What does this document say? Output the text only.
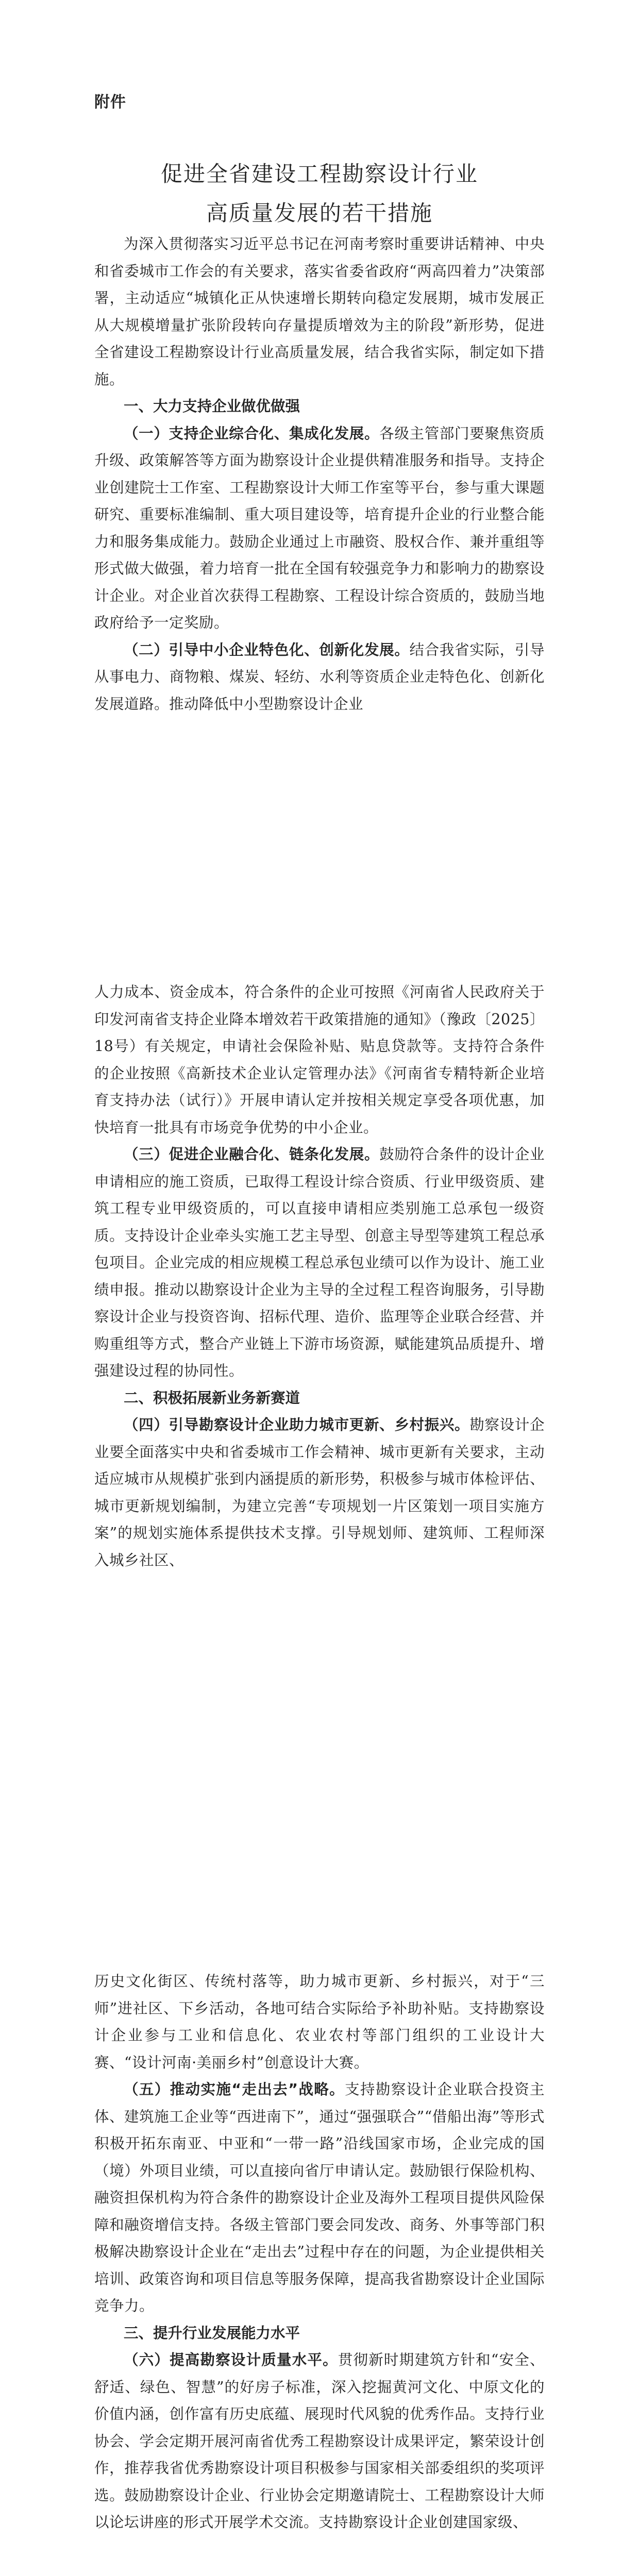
附件
促进全省建设工程勘察设计行业
高质量发展的若干措施

为深入贯彻落实习近平总书记在河南考察时重要讲话精神、中央和省委城市工作会的有关要求，落实省委省政府“两高四着力”决策部署，主动适应“城镇化正从快速增长期转向稳定发展期，城市发展正从大规模增量扩张阶段转向存量提质增效为主的阶段”新形势，促进全省建设工程勘察设计行业高质量发展，结合我省实际，制定如下措施。

一、大力支持企业做优做强

（一）支持企业综合化、集成化发展。各级主管部门要聚焦资质升级、政策解答等方面为勘察设计企业提供精准服务和指导。支持企业创建院士工作室、工程勘察设计大师工作室等平台，参与重大课题研究、重要标准编制、重大项目建设等，培育提升企业的行业整合能力和服务集成能力。鼓励企业通过上市融资、股权合作、兼并重组等形式做大做强，着力培育一批在全国有较强竞争力和影响力的勘察设计企业。对企业首次获得工程勘察、工程设计综合资质的，鼓励当地政府给予一定奖励。

（二）引导中小企业特色化、创新化发展。结合我省实际，引导从事电力、商物粮、煤炭、轻纺、水利等资质企业走特色化、创新化发展道路。推动降低中小型勘察设计企业

人力成本、资金成本，符合条件的企业可按照《河南省人民政府关于印发河南省支持企业降本增效若干政策措施的通知》（豫政〔2025〕18号）有关规定，申请社会保险补贴、贴息贷款等。支持符合条件的企业按照《高新技术企业认定管理办法》《河南省专精特新企业培育支持办法（试行）》开展申请认定并按相关规定享受各项优惠，加快培育一批具有市场竞争优势的中小企业。

（三）促进企业融合化、链条化发展。鼓励符合条件的设计企业申请相应的施工资质，已取得工程设计综合资质、行业甲级资质、建筑工程专业甲级资质的，可以直接申请相应类别施工总承包一级资质。支持设计企业牵头实施工艺主导型、创意主导型等建筑工程总承包项目。企业完成的相应规模工程总承包业绩可以作为设计、施工业绩申报。推动以勘察设计企业为主导的全过程工程咨询服务，引导勘察设计企业与投资咨询、招标代理、造价、监理等企业联合经营、并购重组等方式，整合产业链上下游市场资源，赋能建筑品质提升、增强建设过程的协同性。

二、积极拓展新业务新赛道

（四）引导勘察设计企业助力城市更新、乡村振兴。勘察设计企业要全面落实中央和省委城市工作会精神、城市更新有关要求，主动适应城市从规模扩张到内涵提质的新形势，积极参与城市体检评估、城市更新规划编制，为建立完善“专项规划一片区策划一项目实施方案”的规划实施体系提供技术支撑。引导规划师、建筑师、工程师深入城乡社区、

历史文化街区、传统村落等，助力城市更新、乡村振兴，对于“三师”进社区、下乡活动，各地可结合实际给予补助补贴。支持勘察设计企业参与工业和信息化、农业农村等部门组织的工业设计大赛、“设计河南·美丽乡村”创意设计大赛。

（五）推动实施“走出去”战略。支持勘察设计企业联合投资主体、建筑施工企业等“西进南下”，通过“强强联合”“借船出海”等形式积极开拓东南亚、中亚和“一带一路”沿线国家市场，企业完成的国（境）外项目业绩，可以直接向省厅申请认定。鼓励银行保险机构、融资担保机构为符合条件的勘察设计企业及海外工程项目提供风险保障和融资增信支持。各级主管部门要会同发改、商务、外事等部门积极解决勘察设计企业在“走出去”过程中存在的问题，为企业提供相关培训、政策咨询和项目信息等服务保障，提高我省勘察设计企业国际竞争力。

三、提升行业发展能力水平

（六）提高勘察设计质量水平。贯彻新时期建筑方针和“安全、舒适、绿色、智慧”的好房子标准，深入挖掘黄河文化、中原文化的价值内涵，创作富有历史底蕴、展现时代风貌的优秀作品。支持行业协会、学会定期开展河南省优秀工程勘察设计成果评定，繁荣设计创作，推荐我省优秀勘察设计项目积极参与国家相关部委组织的奖项评选。鼓励勘察设计企业、行业协会定期邀请院士、工程勘察设计大师以论坛讲座的形式开展学术交流。支持勘察设计企业创建国家级、
